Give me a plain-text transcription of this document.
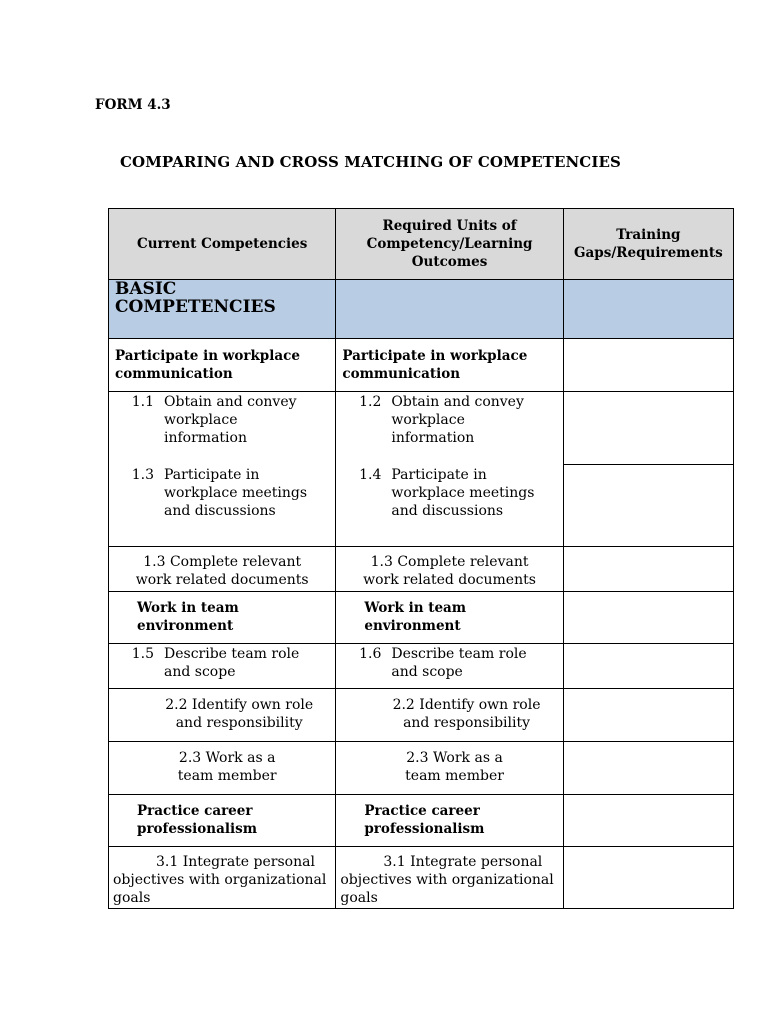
FORM 4.3
COMPARING AND CROSS MATCHING OF COMPETENCIES
Current Competencies	Required Units of Competency/Learning Outcomes	Training Gaps/Requirements

BASIC COMPETENCIES		

Participate in workplace communication	Participate in workplace communication	

1.1 Obtain and convey workplace information	1.2 Obtain and convey workplace information	

1.3 Participate in workplace meetings and discussions	1.4 Participate in workplace meetings and discussions	

1.3 Complete relevant work related documents	1.3 Complete relevant work related documents	

Work in team environment	Work in team environment	

1.5 Describe team role and scope	1.6 Describe team role and scope	

2.2 Identify own role and responsibility	2.2 Identify own role and responsibility	

2.3 Work as a team member	2.3 Work as a team member	

Practice career professionalism	Practice career professionalism	

3.1 Integrate personal objectives with organizational goals	3.1 Integrate personal objectives with organizational goals	
